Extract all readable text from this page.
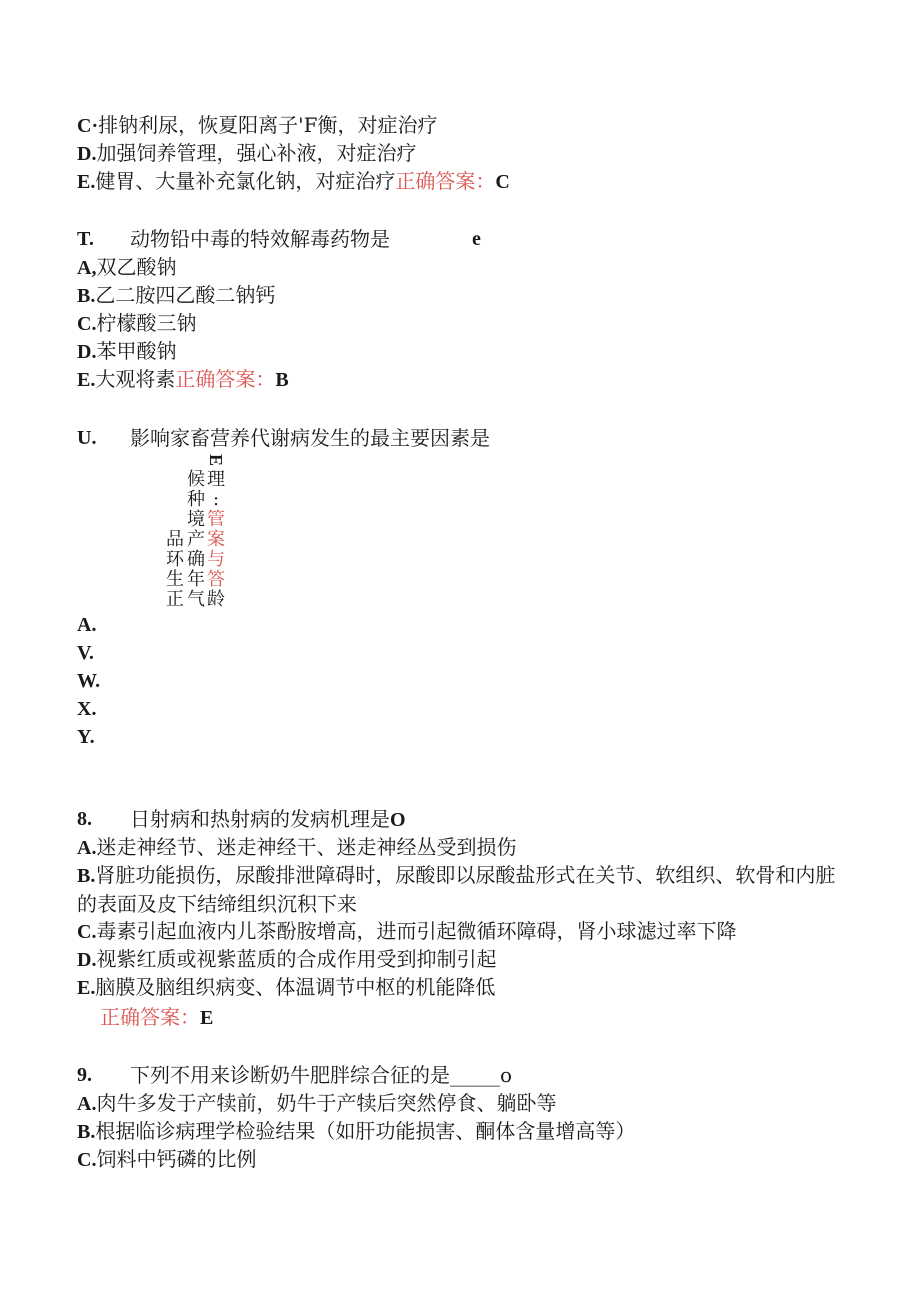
C·排钠利尿，恢夏阳离子'F衡，对症治疗
D.加强饲养管理，强心补液，对症治疗
E.健胃、大量补充氯化钠，对症治疗正确答案：C
T. 动物铅中毒的特效解毒药物是	e
A,双乙酸钠
B.乙二胺四乙酸二钠钙
C.柠檬酸三钠
D.苯甲酸钠
E.大观将素正确答案：B
U. 影响家畜营养代谢病发生的最主要因素是
品
环
生
正
候
种
境
产
确
年
气
E
理
:
管
案
与
答
龄
A.
V.
W.
X.
Y.
8. 日射病和热射病的发病机理是O
A.迷走神经节、迷走神经干、迷走神经丛受到损伤
B.肾脏功能损伤，尿酸排泄障碍时，尿酸即以尿酸盐形式在关节、软组织、软骨和内脏的表面及皮下结缔组织沉积下来
C.毒素引起血液内儿茶酚胺增高，进而引起微循环障碍，肾小球滤过率下降
D.视紫红质或视紫蓝质的合成作用受到抑制引起
E.脑膜及脑组织病变、体温调节中枢的机能降低
正确答案：E
9. 下列不用来诊断奶牛肥胖综合征的是_____o
A.肉牛多发于产犊前，奶牛于产犊后突然停食、躺卧等
B.根据临诊病理学检验结果（如肝功能损害、酮体含量增高等）
C.饲料中钙磷的比例
